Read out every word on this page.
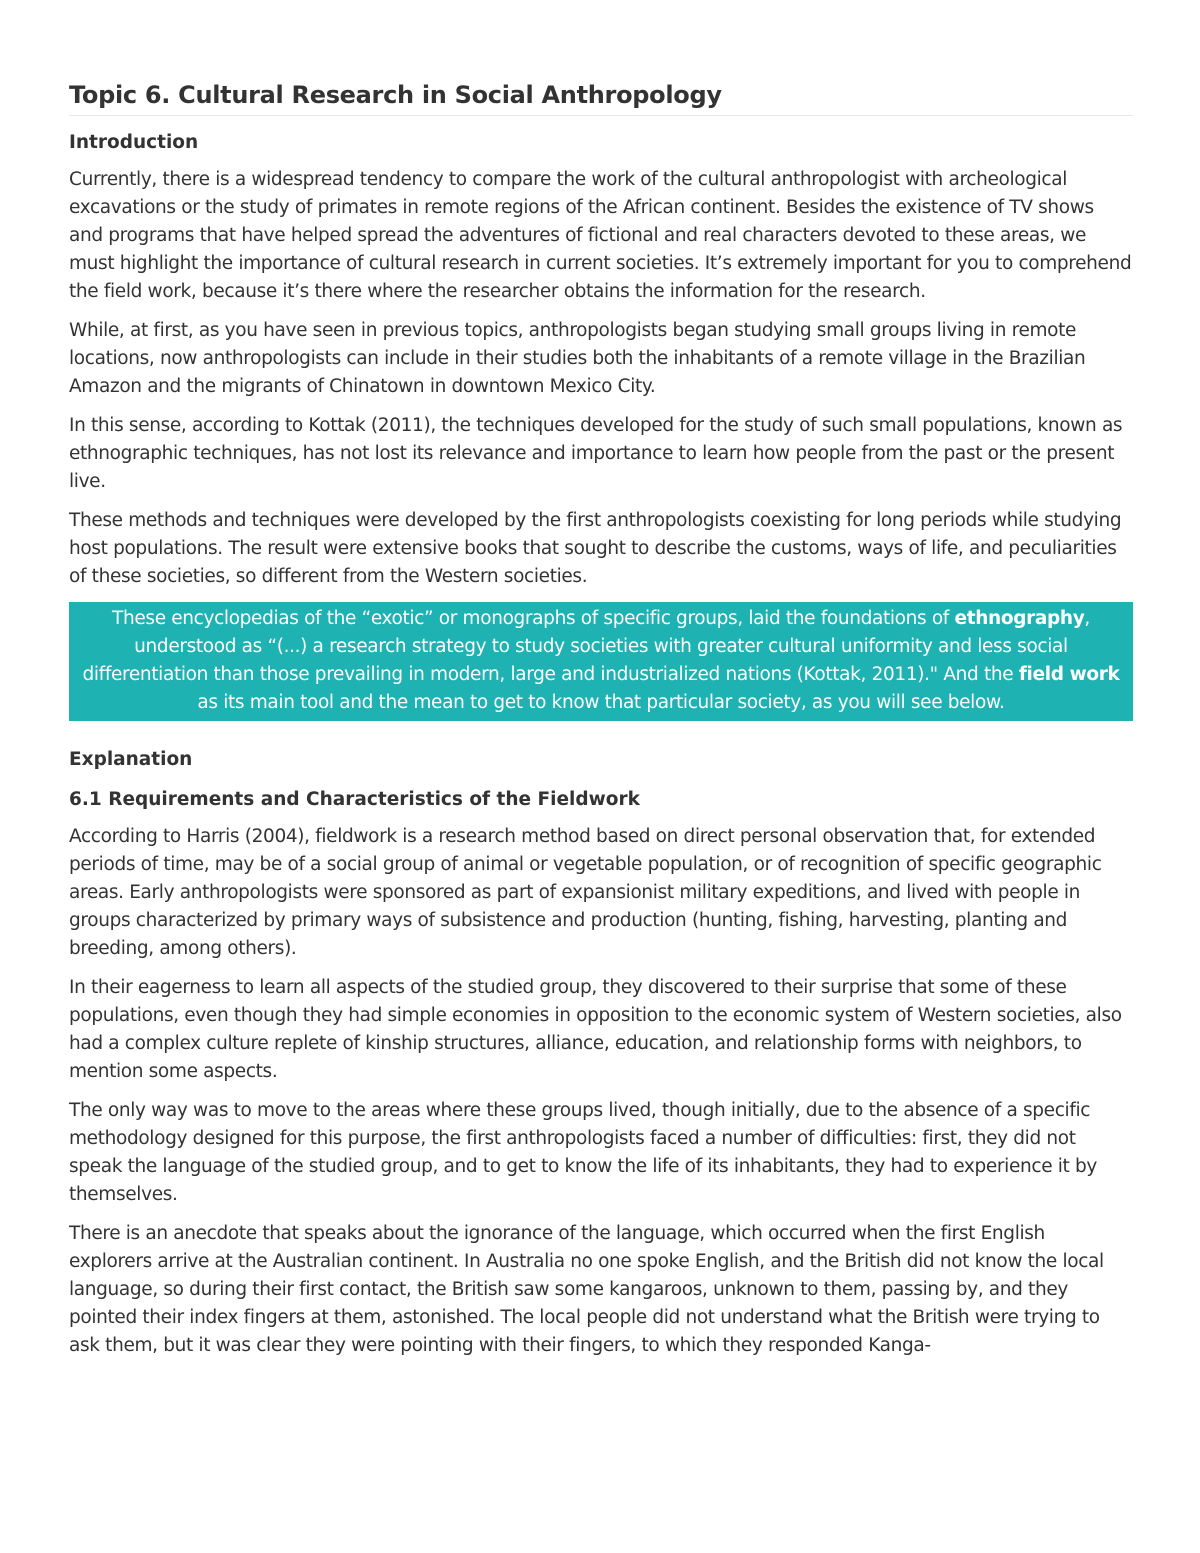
Topic 6. Cultural Research in Social Anthropology
Introduction

Currently, there is a widespread tendency to compare the work of the cultural anthropologist with archeological excavations or the study of primates in remote regions of the African continent. Besides the existence of TV shows and programs that have helped spread the adventures of fictional and real characters devoted to these areas, we must highlight the importance of cultural research in current societies. It’s extremely important for you to comprehend the field work, because it’s there where the researcher obtains the information for the research.

While, at first, as you have seen in previous topics, anthropologists began studying small groups living in remote locations, now anthropologists can include in their studies both the inhabitants of a remote village in the Brazilian Amazon and the migrants of Chinatown in downtown Mexico City.

In this sense, according to Kottak (2011), the techniques developed for the study of such small populations, known as ethnographic techniques, has not lost its relevance and importance to learn how people from the past or the present live.

These methods and techniques were developed by the first anthropologists coexisting for long periods while studying host populations. The result were extensive books that sought to describe the customs, ways of life, and peculiarities of these societies, so different from the Western societies.

These encyclopedias of the “exotic” or monographs of specific groups, laid the foundations of ethnography, understood as “(...) a research strategy to study societies with greater cultural uniformity and less social differentiation than those prevailing in modern, large and industrialized nations (Kottak, 2011)." And the field work as its main tool and the mean to get to know that particular society, as you will see below.
Explanation
6.1 Requirements and Characteristics of the Fieldwork

According to Harris (2004), fieldwork is a research method based on direct personal observation that, for extended periods of time, may be of a social group of animal or vegetable population, or of recognition of specific geographic areas. Early anthropologists were sponsored as part of expansionist military expeditions, and lived with people in groups characterized by primary ways of subsistence and production (hunting, fishing, harvesting, planting and breeding, among others).

In their eagerness to learn all aspects of the studied group, they discovered to their surprise that some of these populations, even though they had simple economies in opposition to the economic system of Western societies, also had a complex culture replete of kinship structures, alliance, education, and relationship forms with neighbors, to mention some aspects.

The only way was to move to the areas where these groups lived, though initially, due to the absence of a specific methodology designed for this purpose, the first anthropologists faced a number of difficulties: first, they did not speak the language of the studied group, and to get to know the life of its inhabitants, they had to experience it by themselves.

There is an anecdote that speaks about the ignorance of the language, which occurred when the first English explorers arrive at the Australian continent. In Australia no one spoke English, and the British did not know the local language, so during their first contact, the British saw some kangaroos, unknown to them, passing by, and they pointed their index fingers at them, astonished. The local people did not understand what the British were trying to ask them, but it was clear they were pointing with their fingers, to which they responded Kanga-
